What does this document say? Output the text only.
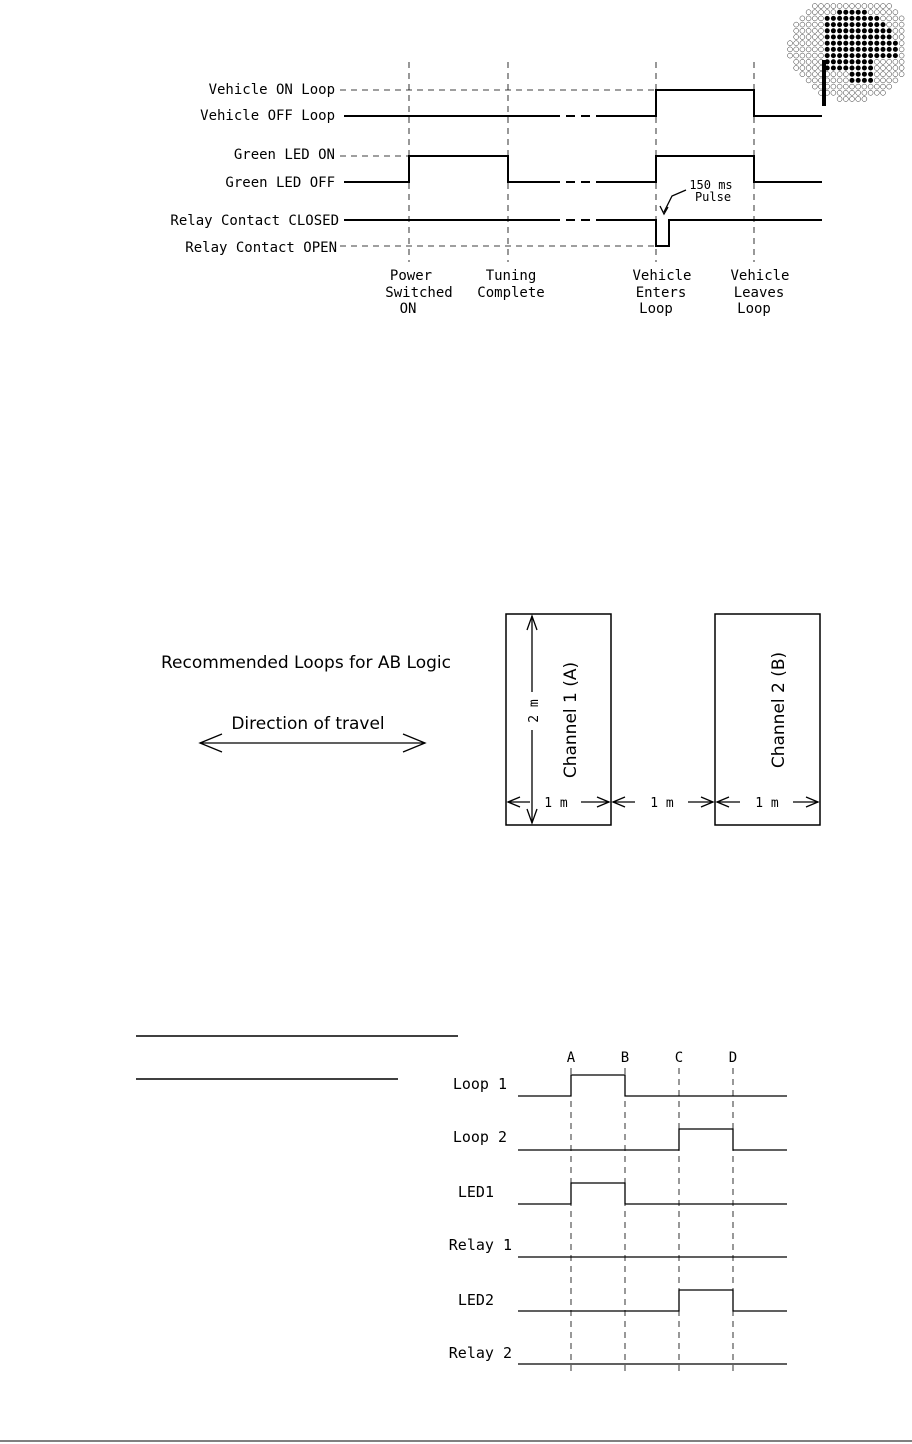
Vehicle ON Loop
Vehicle OFF Loop
Green LED ON
Green LED OFF
Relay Contact CLOSED
Relay Contact OPEN
150 ms
Pulse
Power
Switched
ON
Tuning
Complete
Vehicle
Enters
Loop
Vehicle
Leaves
Loop
Recommended Loops for AB Logic
Direction of travel	Channel 1 (A)	Channel 2 (B)
2 m
1 m	1 m	1 m
A	B	C	D
Loop 1
Loop 2
LED1
Relay 1
LED2
Relay 2
